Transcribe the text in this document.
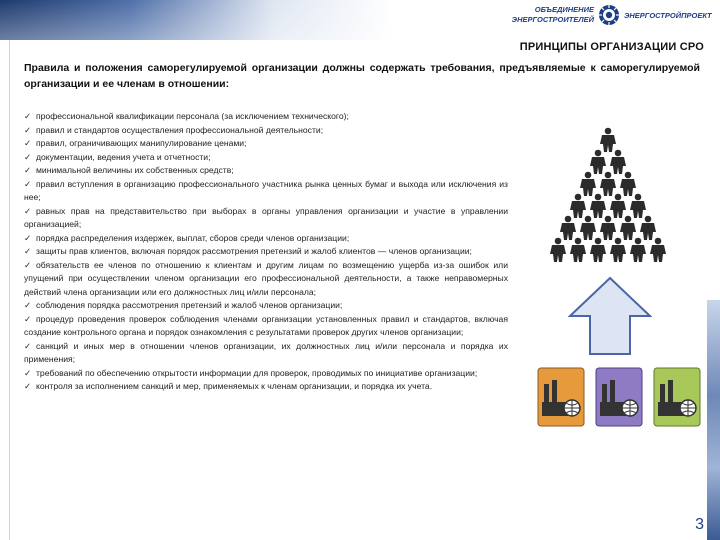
ОБЪЕДИНЕНИЕ
ЭНЕРГОСТРОИТЕЛЕЙ	ЭНЕРГОСТРОЙПРОЕКТ
ПРИНЦИПЫ ОРГАНИЗАЦИИ СРО
Правила и положения саморегулируемой организации должны содержать требования, предъявляемые к саморегулируемой организации и ее членам в отношении:
✓ профессиональной квалификации персонала (за исключением технического);
✓ правил и стандартов осуществления профессиональной деятельности;
✓ правил, ограничивающих манипулирование ценами;
✓ документации, ведения учета и отчетности;
✓ минимальной величины их собственных средств;
✓ правил вступления в организацию профессионального участника рынка ценных бумаг и выхода или исключения из нее;
✓ равных прав на представительство при выборах в органы управления организации и участие в управлении организацией;
✓ порядка распределения издержек, выплат, сборов среди членов организации;
✓ защиты прав клиентов, включая порядок рассмотрения претензий и жалоб клиентов — членов организации;
✓ обязательств ее членов по отношению к клиентам и другим лицам по возмещению ущерба из-за ошибок или упущений при осуществлении членом организации его профессиональной деятельности, а также неправомерных действий члена организации или его должностных лиц и/или персонала;
✓ соблюдения порядка рассмотрения претензий и жалоб членов организации;
✓ процедур проведения проверок соблюдения членами организации установленных правил и стандартов, включая создание контрольного органа и порядок ознакомления с результатами проверок других членов организации;
✓ санкций и иных мер в отношении членов организации, их должностных лиц и/или персонала и порядка их применения;
✓ требований по обеспечению открытости информации для проверок, проводимых по инициативе организации;
✓ контроля за исполнением санкций и мер, применяемых к членам организации, и порядка их учета.
3
